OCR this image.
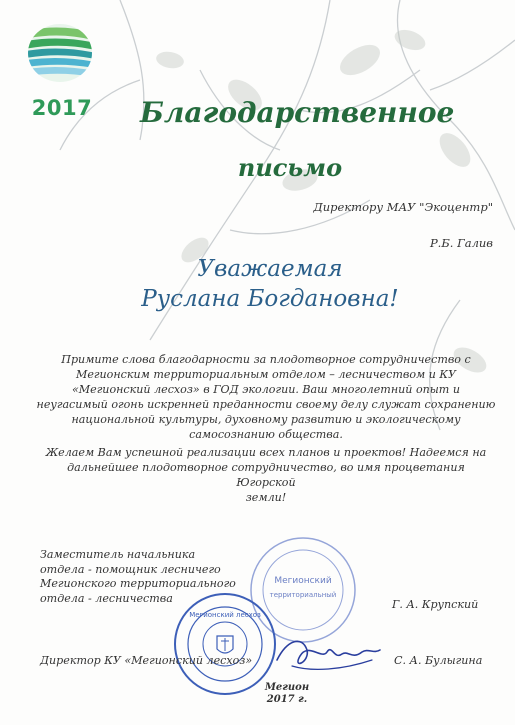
2017 Благодарственное
письмо
Директору МАУ "Экоцентр"
Р.Б. Галив
Уважаемая
Руслана Богдановна!

Примите слова благодарности за плодотворное сотрудничество с

Мегионским территориальным отделом – лесничеством и КУ

«Мегионский лесхоз» в ГОД экологии. Ваш многолетний опыт и

неугасимый огонь искренней преданности своему делу служат сохранению

национальной культуры, духовному развитию и экологическому

самосознанию общества.

Желаем Вам успешной реализации всех планов и проектов! Надеемся на

дальнейшее плодотворное сотрудничество, во имя процветания Югорской

земли!

Мегионский
территориальный
Мегионский лесхоз
Заместитель начальника
отдела - помощник лесничего
Мегионского территориального
отдела - лесничества	Г. А. Крупский
Директор КУ «Мегионский лесхоз»	С. А. Булыгина
Мегион
2017 г.
